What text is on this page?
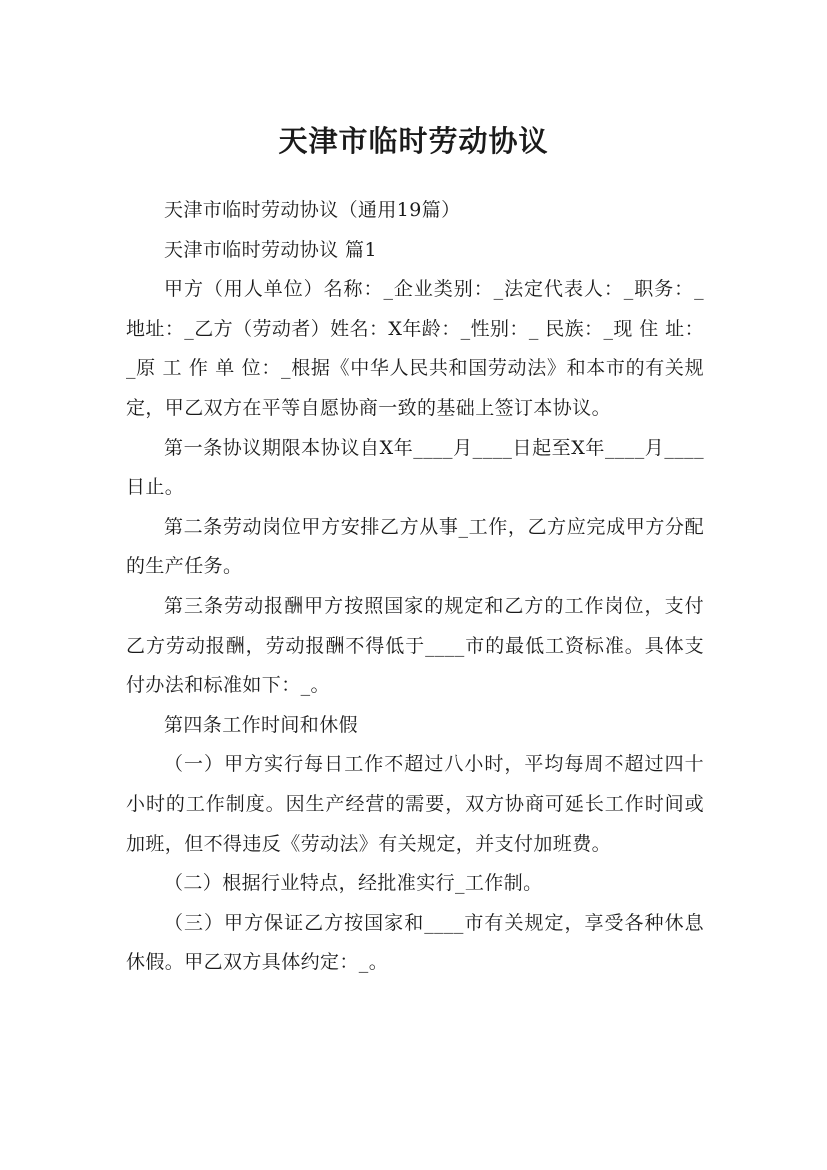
天津市临时劳动协议

天津市临时劳动协议（通用19篇）

天津市临时劳动协议 篇1

甲方（用人单位）名称：_企业类别：_法定代表人：_职务：_地址：_乙方（劳动者）姓名：X年龄：_性别：_ 民族：_现 住 址：_原 工 作 单 位：_根据《中华人民共和国劳动法》和本市的有关规定，甲乙双方在平等自愿协商一致的基础上签订本协议。

第一条协议期限本协议自X年____月____日起至X年____月____日止。

第二条劳动岗位甲方安排乙方从事_工作，乙方应完成甲方分配的生产任务。

第三条劳动报酬甲方按照国家的规定和乙方的工作岗位，支付乙方劳动报酬，劳动报酬不得低于____市的最低工资标准。具体支付办法和标准如下：_。

第四条工作时间和休假

（一）甲方实行每日工作不超过八小时，平均每周不超过四十小时的工作制度。因生产经营的需要，双方协商可延长工作时间或加班，但不得违反《劳动法》有关规定，并支付加班费。

（二）根据行业特点，经批准实行_工作制。

（三）甲方保证乙方按国家和____市有关规定，享受各种休息休假。甲乙双方具体约定：_。
